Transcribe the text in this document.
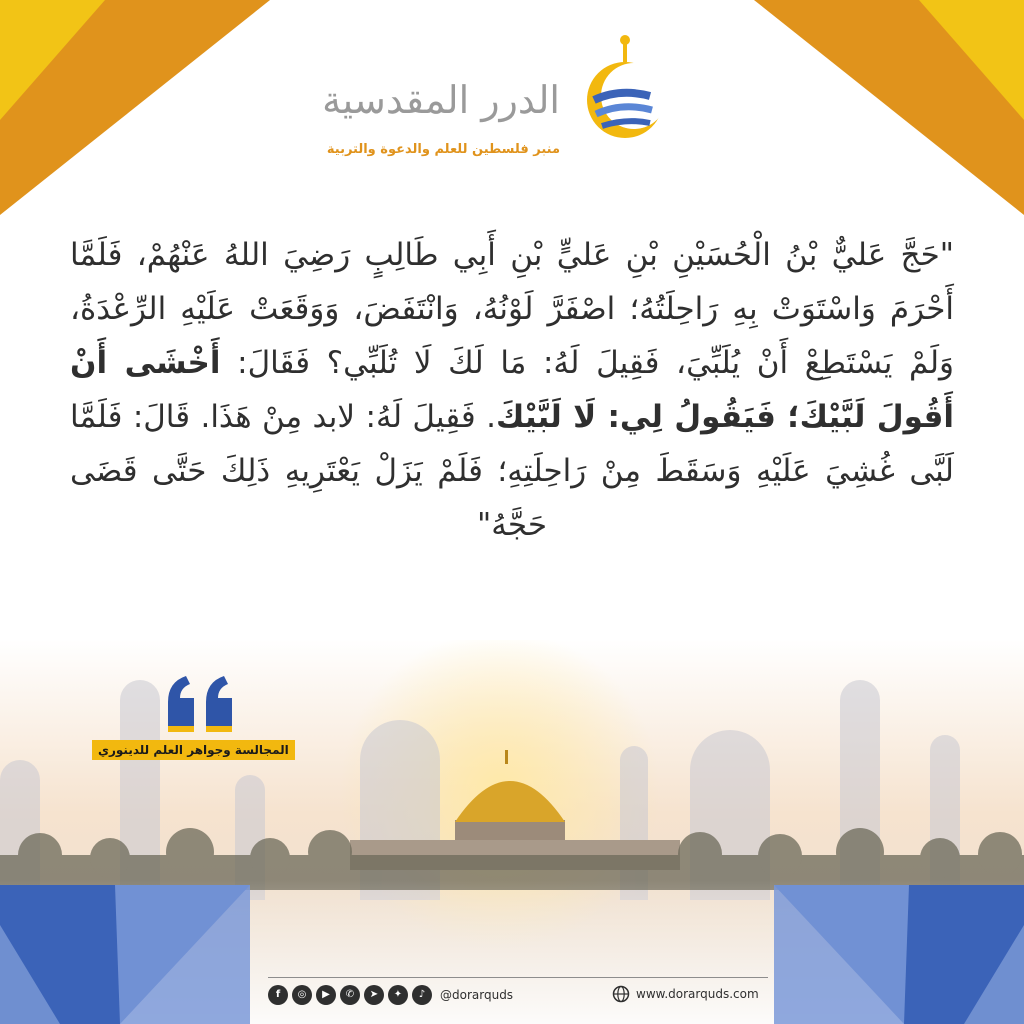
الدرر المقدسية
منبر فلسطين للعلم والدعوة والتربية
"حَجَّ عَليٌّ بْنُ الْحُسَيْنِ بْنِ عَليٍّ بْنِ أَبِي طَالِبٍ رَضِيَ اللهُ عَنْهُمْ، فَلَمَّا أَحْرَمَ وَاسْتَوَتْ بِهِ رَاحِلَتُهُ؛ اصْفَرَّ لَوْنُهُ، وَانْتَفَضَ، وَوَقَعَتْ عَلَيْهِ الرِّعْدَةُ، وَلَمْ يَسْتَطِعْ أَنْ يُلَبِّيَ، فَقِيلَ لَهُ: مَا لَكَ لَا تُلَبِّي؟ فَقَالَ: أَخْشَى أَنْ أَقُولَ لَبَّيْكَ؛ فَيَقُولُ لِي: لَا لَبَّيْكَ. فَقِيلَ لَهُ: لابد مِنْ هَذَا. قَالَ: فَلَمَّا لَبَّى غُشِيَ عَلَيْهِ وَسَقَطَ مِنْ رَاحِلَتِهِ؛ فَلَمْ يَزَلْ يَعْتَرِيهِ ذَلِكَ حَتَّى قَضَى حَجَّهُ"
المجالسة وجواهر العلم للدينوري
f	◎	▶	✆	➤	✦	♪	@dorarquds	www.dorarquds.com
